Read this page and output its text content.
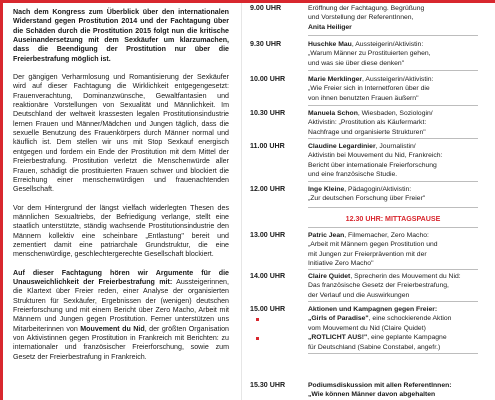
Nach dem Kongress zum Überblick über den internationalen Widerstand gegen Prostitution 2014 und der Fachtagung über die Schäden durch die Prostitution 2015 folgt nun die kritische Auseinandersetzung mit dem Sexkäufer um klarzumachen, dass die Beendigung der Prostitution nur über die Freierbestrafung möglich ist.

Der gängigen Verharmlosung und Romantisierung der Sexkäufer wird auf dieser Fachtagung die Wirklichkeit entgegengesetzt: Frauenverachtung, Dominanzwünsche, Gewaltfantasien und reaktionäre Vorstellungen von Sexualität und Männlichkeit. Im Deutschland der weltweit krassesten legalen Prostitutionsindustrie lernen Frauen und Männer/Mädchen und Jungen täglich, dass die sexuelle Benutzung des Frauenkörpers durch Männer normal und käuflich ist. Dem stellen wir uns mit Stop Sexkauf energisch entgegen und fordern ein Ende der Prostitution mit dem Mittel der Freierbestrafung. Prostitution verletzt die Menschenwürde aller Frauen, schädigt die prostituierten Frauen schwer und blockiert die Erreichung einer menschenwürdigen und frauenachtenden Gesellschaft.

Vor dem Hintergrund der längst vielfach widerlegten Thesen des männlichen Sexualtriebs, der Befriedigung verlange, stellt eine staatlich unterstützte, ständig wachsende Prostitutionsindustrie den Männern kollektiv eine scheinbare „Entlastung" bereit und zementiert damit eine patriarchale Grundstruktur, die eine menschenwürdige, geschlechtergerechte Gesellschaft blockiert.

Auf dieser Fachtagung hören wir Argumente für die Unausweichlichkeit der Freierbestrafung mit: Aussteigerinnen, die Klartext über Freier reden, einer Analyse der organisierten Strukturen für Sexkäufer, Ergebnissen der (wenigen) deutschen Freierforschung und mit einem Bericht über Zero Macho, Arbeit mit Männern und Jungen gegen Prostitution. Ferner unterstützen uns Mitarbeiterinnen von Mouvement du Nid, der größten Organisation von Aktivistinnen gegen Prostitution in Frankreich mit Berichten: zu internationaler und französischer Freierforschung, sowie zum Gesetz der Freierbestrafung in Frankreich.

9.00 UHR	Eröffnung der Fachtagung. Begrüßung
und Vorstellung der ReferentInnen,
Anita Heiliger
9.30 UHR	Huschke Mau, Aussteigerin/Aktivistin:
„Warum Männer zu Prostituierten gehen,
und was sie über diese denken"
10.00 UHR	Marie Merklinger, Aussteigerin/Aktivistin:
„Wie Freier sich in Internetforen über die
von ihnen benutzten Frauen äußern"
10.30 UHR	Manuela Schon, Wiesbaden, Soziologin/
Aktivistin: „Prostitution als Käufermarkt:
Nachfrage und organisierte Strukturen"
11.00 UHR	Claudine Legardinier, Journalistin/
Aktivistin bei Mouvement du Nid, Frankreich:
Bericht über internationale Freierforschung
und eine französische Studie.
12.00 UHR	Inge Kleine, Pädagogin/Aktivistin:
„Zur deutschen Forschung über Freier"
12.30 UHR: MITTAGSPAUSE
13.00 UHR	Patric Jean, Filmemacher, Zero Macho:
„Arbeit mit Männern gegen Prostitution und
mit Jungen zur Freierprävention mit der
Initiative Zero Macho"
14.00 UHR	Claire Quidet, Sprecherin des Mouvement du Nid:
Das französische Gesetz der Freierbestrafung,
der Verlauf und die Auswirkungen
15.00 UHR	Aktionen und Kampagnen gegen Freier:
„Girls of Paradise", eine schockierende Aktion
vom Mouvement du Nid (Claire Quidet)
„ROTLICHT AUS!", eine geplante Kampagne
für Deutschland (Sabine Constabel, angefr.)
15.30 UHR	Podiumsdiskussion mit allen ReferentInnen:
„Wie können Männer davon abgehalten
